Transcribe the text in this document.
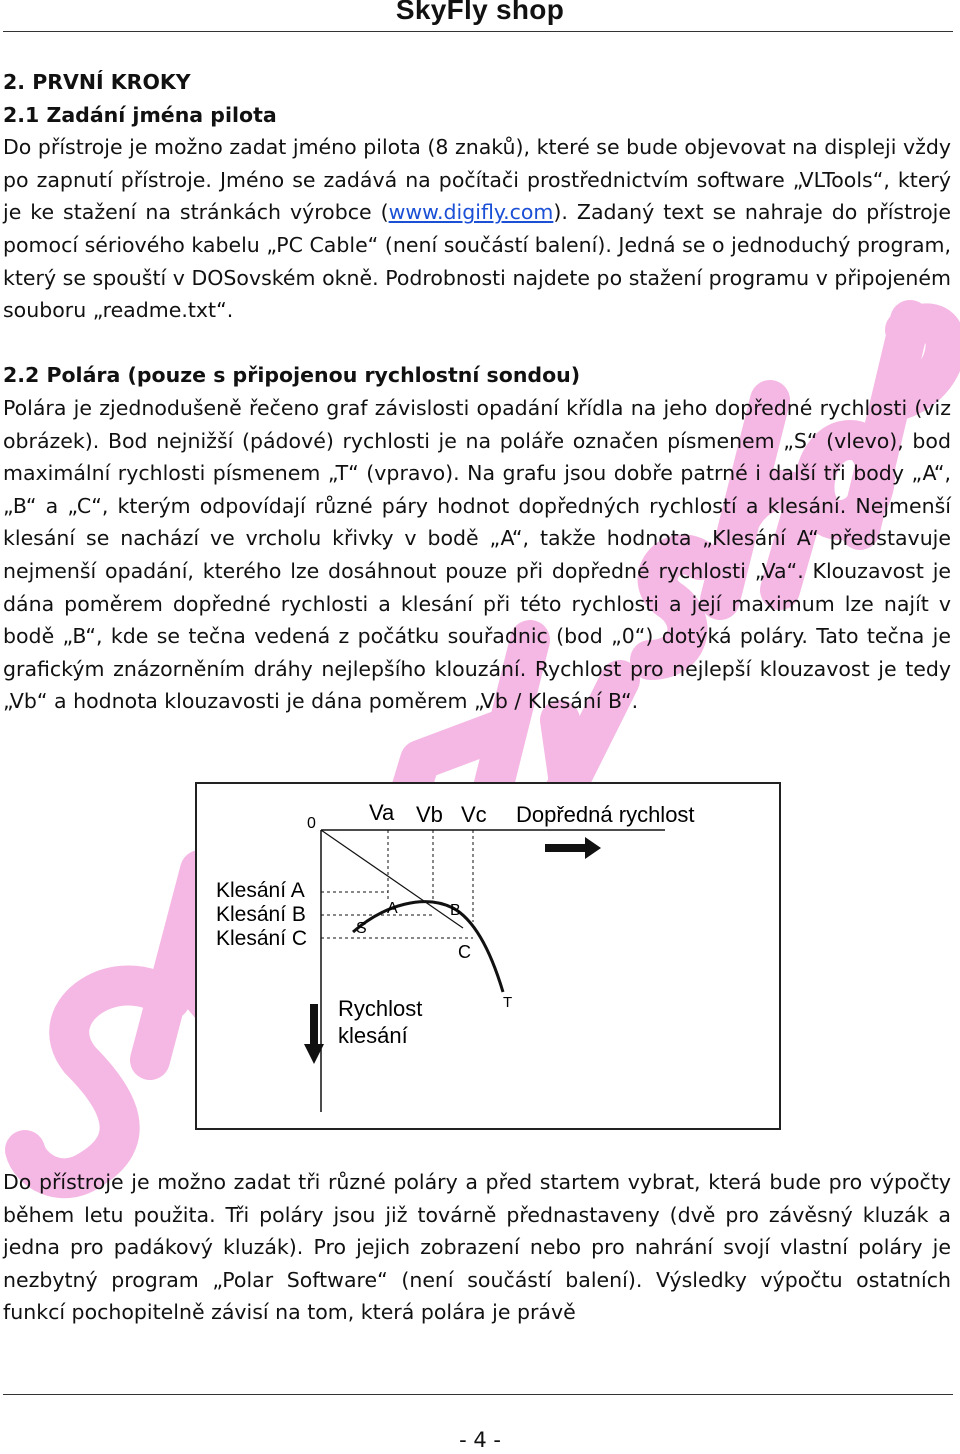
SkyFly shop

2. PRVNÍ KROKY

2.1 Zadání jména pilota

Do přístroje je možno zadat jméno pilota (8 znaků), které se bude objevovat na displeji vždy po zapnutí přístroje. Jméno se zadává na počítači prostřednictvím software „VLTools“, který je ke stažení na stránkách výrobce (www.digifly.com). Zadaný text se nahraje do přístroje pomocí sériového kabelu „PC Cable“ (není součástí balení). Jedná se o jednoduchý program, který se spouští v DOSovském okně. Podrobnosti najdete po stažení programu v připojeném souboru „readme.txt“.

2.2 Polára (pouze s připojenou rychlostní sondou)

Polára je zjednodušeně řečeno graf závislosti opadání křídla na jeho dopředné rychlosti (viz obrázek). Bod nejnižší (pádové) rychlosti je na poláře označen písmenem „S“ (vlevo), bod maximální rychlosti písmenem „T“ (vpravo). Na grafu jsou dobře patrné i další tři body „A“, „B“ a „C“, kterým odpovídají různé páry hodnot dopředných rychlostí a klesání. Nejmenší klesání se nachází ve vrcholu křivky v bodě „A“, takže hodnota „Klesání A“ představuje nejmenší opadání, kterého lze dosáhnout pouze při dopředné rychlosti „Va“. Klouzavost je dána poměrem dopředné rychlosti a klesání při této rychlosti a její maximum lze najít v bodě „B“, kde se tečna vedená z počátku souřadnic (bod „0“) dotýká poláry. Tato tečna je grafickým znázorněním dráhy nejlepšího klouzání. Rychlost pro nejlepší klouzavost je tedy „Vb“ a hodnota klouzavosti je dána poměrem „Vb / Klesání B“.

0 Va Vb Vc Dopředná rychlost
Klesání A
Klesání B
Klesání C	S
A	B
C
T
Rychlost
klesání

Do přístroje je možno zadat tři různé poláry a před startem vybrat, která bude pro výpočty během letu použita. Tři poláry jsou již továrně přednastaveny (dvě pro závěsný kluzák a jedna pro padákový kluzák). Pro jejich zobrazení nebo pro nahrání svojí vlastní poláry je nezbytný program „Polar Software“ (není součástí balení). Výsledky výpočtu ostatních funkcí pochopitelně závisí na tom, která polára je právě

- 4 -
